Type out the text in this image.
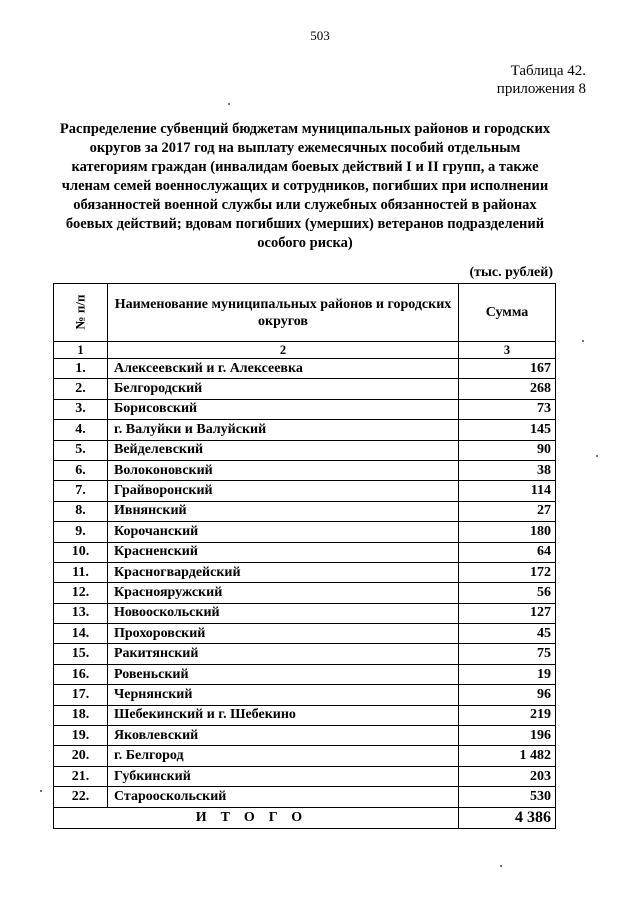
503
Таблица 42.
приложения 8
Распределение субвенций бюджетам муниципальных районов и городских округов за 2017 год на выплату ежемесячных пособий отдельным категориям граждан (инвалидам боевых действий I и II групп, а также членам семей военнослужащих и сотрудников, погибших при исполнении обязанностей военной службы или служебных обязанностей в районах боевых действий; вдовам погибших (умерших) ветеранов подразделений особого риска)
(тыс. рублей)
№ п/п	Наименование муниципальных районов и городских округов	Сумма
1	2	3
1.	Алексеевский и г. Алексеевка	167
2.	Белгородский	268
3.	Борисовский	73
4.	г. Валуйки и Валуйский	145
5.	Вейделевский	90
6.	Волоконовский	38
7.	Грайворонский	114
8.	Ивнянский	27
9.	Корочанский	180
10.	Красненский	64
11.	Красногвардейский	172
12.	Краснояружский	56
13.	Новооскольский	127
14.	Прохоровский	45
15.	Ракитянский	75
16.	Ровеньский	19
17.	Чернянский	96
18.	Шебекинский и г. Шебекино	219
19.	Яковлевский	196
20.	г. Белгород	1 482
21.	Губкинский	203
22.	Старооскольский	530
ИТОГО		4 386
